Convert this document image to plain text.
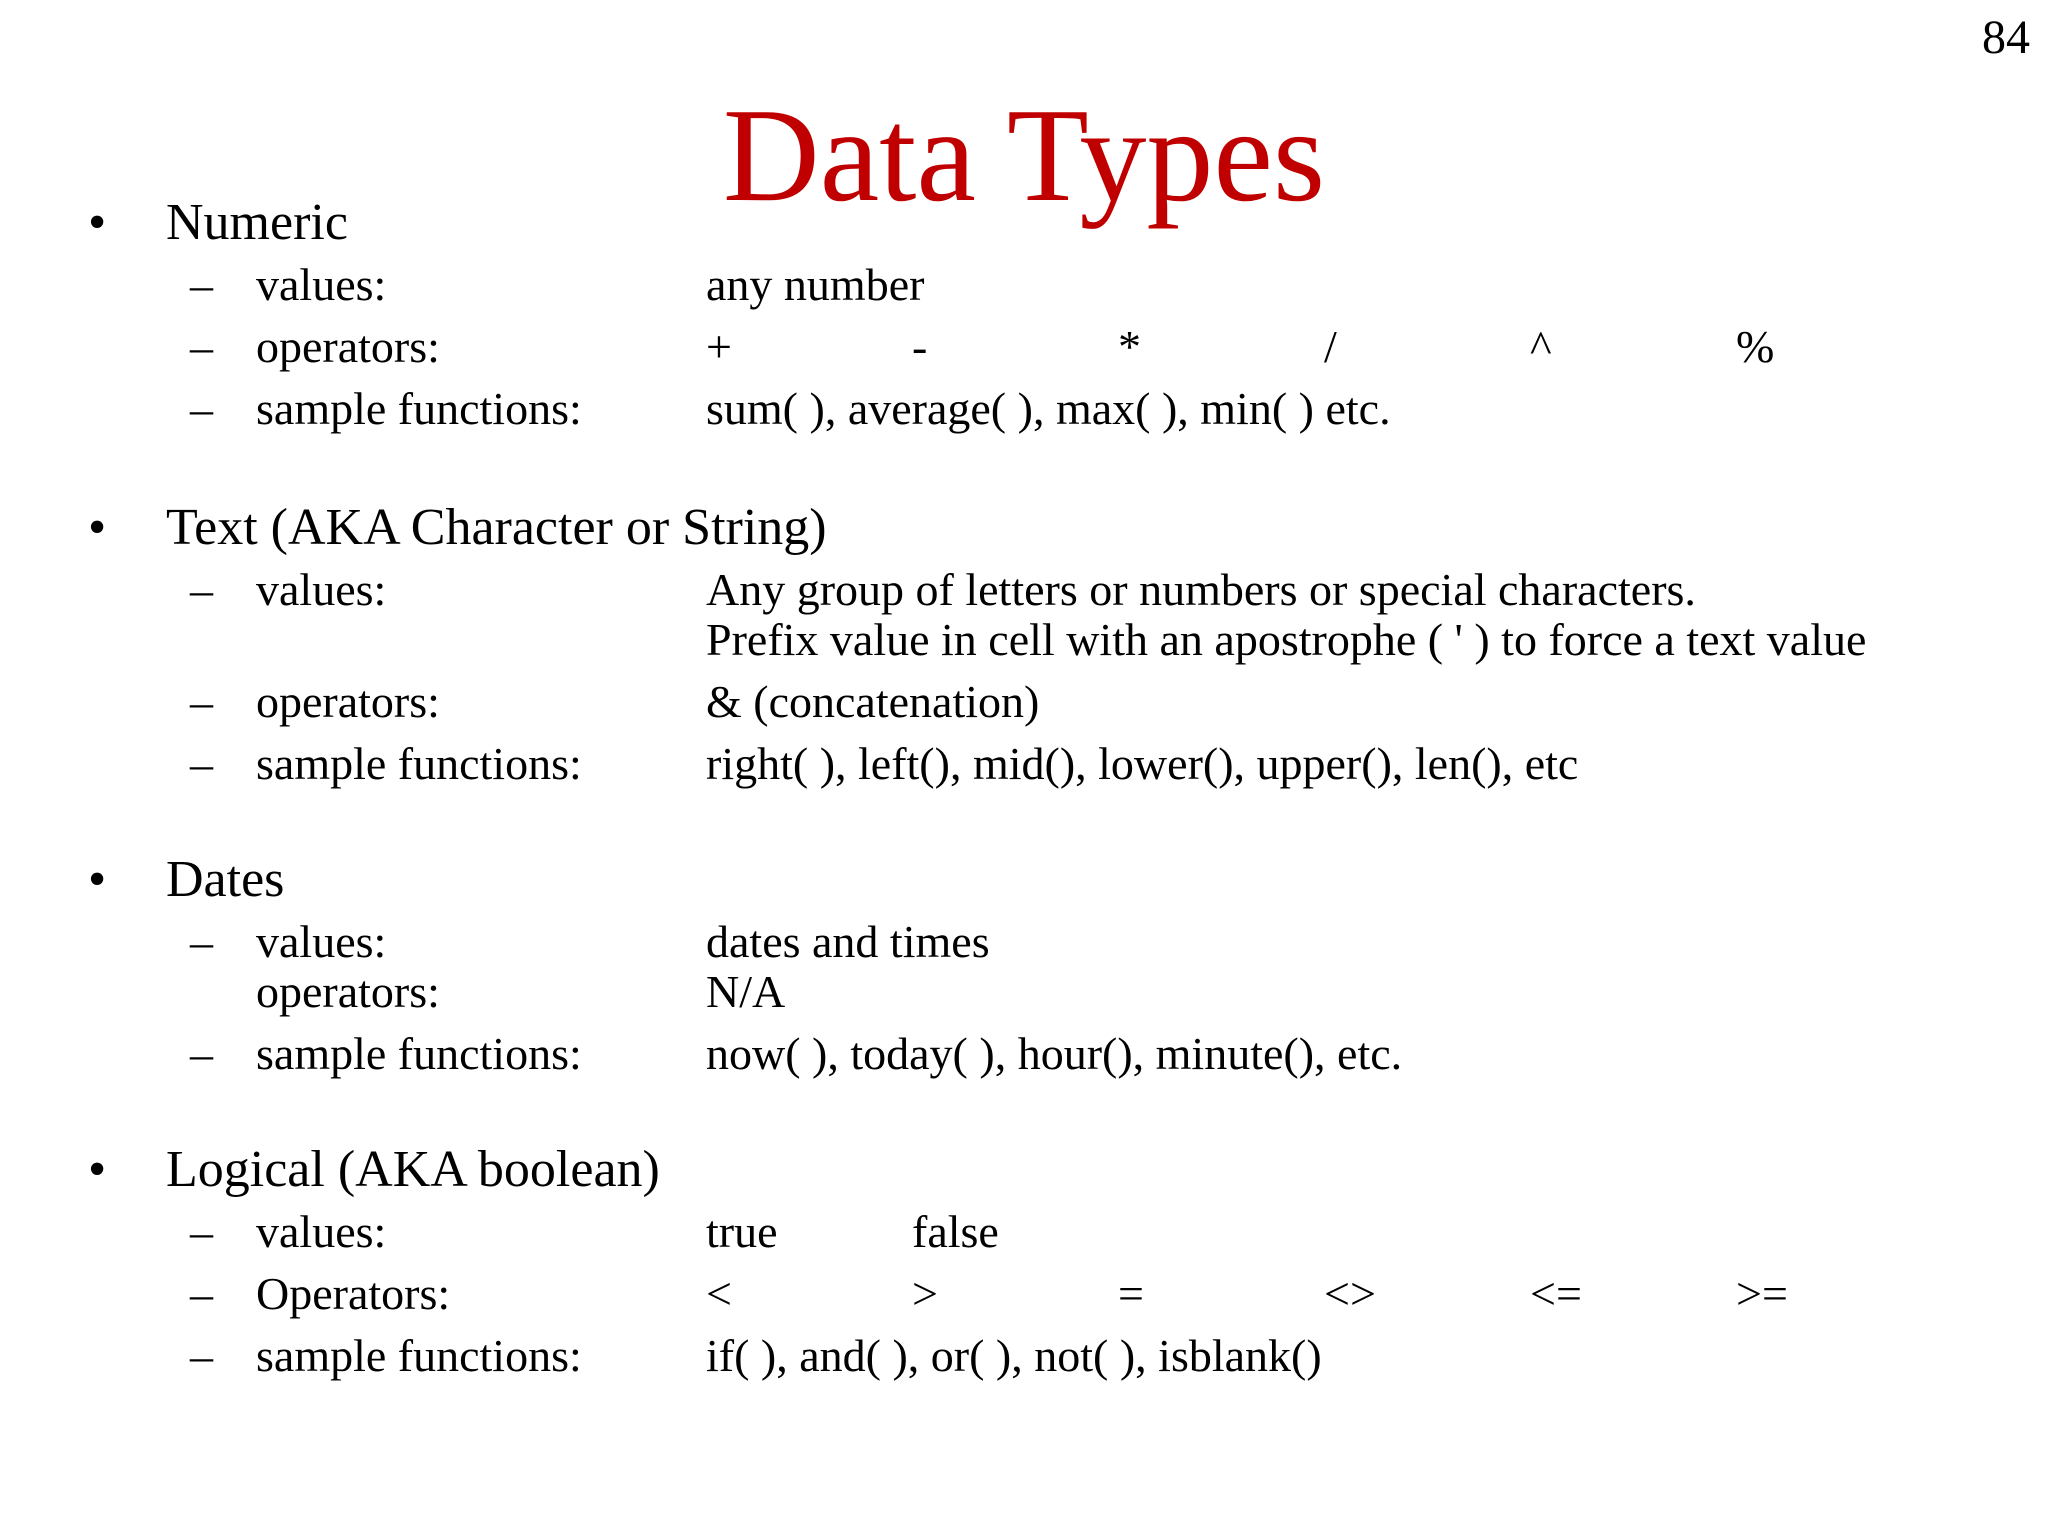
84
Data Types
• Numeric
– values:	any number
– operators:	+	-	*	/	^	%
– sample functions:	sum( ), average( ), max( ), min( ) etc.
• Text (AKA Character or String)
– values:	Any group of letters or numbers or special characters.
Prefix value in cell with an apostrophe ( ' ) to force a text value
– operators:	& (concatenation)
– sample functions:	right( ), left(), mid(), lower(), upper(), len(), etc
• Dates
– values:	dates and times
operators:	N/A
– sample functions:	now( ), today( ), hour(), minute(), etc.
• Logical (AKA boolean)
– values:	true	false
– Operators:	<	>	=	<>	<=	>=
– sample functions:	if( ), and( ), or( ), not( ), isblank()
